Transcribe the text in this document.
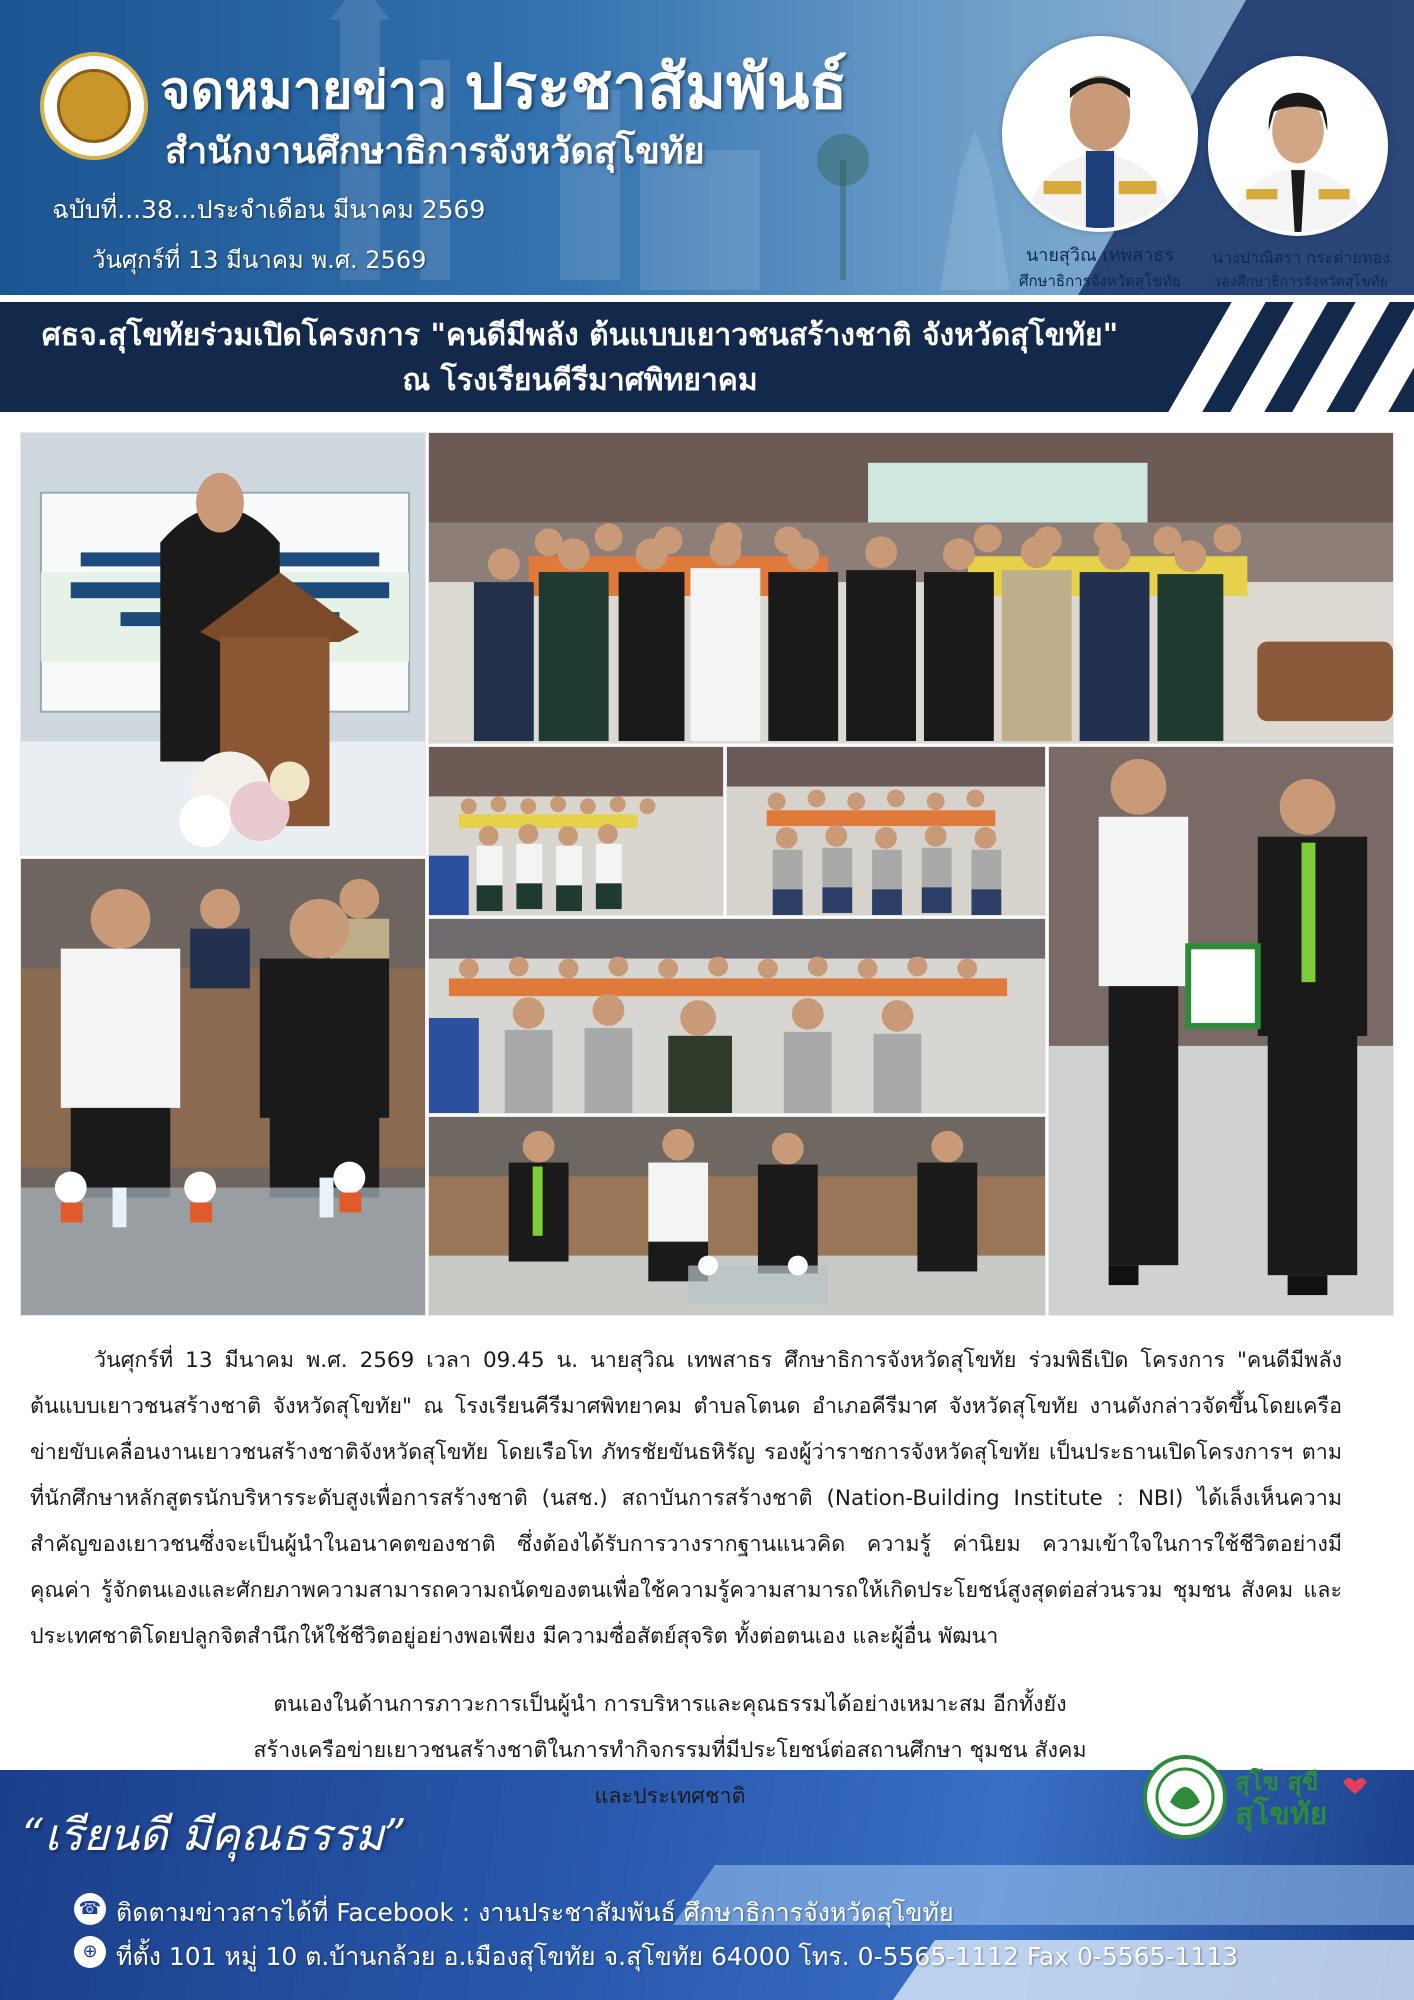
จดหมายข่าว ประชาสัมพันธ์
สำนักงานศึกษาธิการจังหวัดสุโขทัย
ฉบับที่...38...ประจำเดือน มีนาคม 2569
วันศุกร์ที่ 13 มีนาคม พ.ศ. 2569	นายสุวิณ เทพสาธร
ศึกษาธิการจังหวัดสุโขทัย
นางปาณิสรา กระต่ายทอง
รองศึกษาธิการจังหวัดสุโขทัย
ศธจ.สุโขทัยร่วมเปิดโครงการ "คนดีมีพลัง ต้นแบบเยาวชนสร้างชาติ จังหวัดสุโขทัย"
ณ โรงเรียนคีรีมาศพิทยาคม
วันศุกร์ที่ 13 มีนาคม พ.ศ. 2569 เวลา 09.45 น. นายสุวิณ เทพสาธร ศึกษาธิการจังหวัดสุโขทัย ร่วมพิธีเปิด โครงการ "คนดีมีพลัง ต้นแบบเยาวชนสร้างชาติ จังหวัดสุโขทัย" ณ โรงเรียนคีรีมาศพิทยาคม ตำบลโตนด อำเภอคีรีมาศ จังหวัดสุโขทัย งานดังกล่าวจัดขึ้นโดยเครือข่ายขับเคลื่อนงานเยาวชนสร้างชาติจังหวัดสุโขทัย โดยเรือโท ภัทรชัยขันธหิรัญ รองผู้ว่าราชการจังหวัดสุโขทัย เป็นประธานเปิดโครงการฯ ตามที่นักศึกษาหลักสูตรนักบริหารระดับสูงเพื่อการสร้างชาติ (นสช.) สถาบันการสร้างชาติ (Nation-Building Institute : NBI) ได้เล็งเห็นความสำคัญของเยาวชนซึ่งจะเป็นผู้นำในอนาคตของชาติ ซึ่งต้องได้รับการวางรากฐานแนวคิด ความรู้ ค่านิยม ความเข้าใจในการใช้ชีวิตอย่างมีคุณค่า รู้จักตนเองและศักยภาพความสามารถความถนัดของตนเพื่อใช้ความรู้ความสามารถให้เกิดประโยชน์สูงสุดต่อส่วนรวม ชุมชน สังคม และประเทศชาติโดยปลูกจิตสำนึกให้ใช้ชีวิตอยู่อย่างพอเพียง มีความซื่อสัตย์สุจริต ทั้งต่อตนเอง และผู้อื่น พัฒนา
ตนเองในด้านการภาวะการเป็นผู้นำ การบริหารและคุณธรรมได้อย่างเหมาะสม อีกทั้งยังสร้างเครือข่ายเยาวชนสร้างชาติในการทำกิจกรรมที่มีประโยชน์ต่อสถานศึกษา ชุมชน สังคม และประเทศชาติ
สุโข สุขี
สุโขทัย
“เรียนดี มีคุณธรรม”
☎ ติดตามข่าวสารได้ที่ Facebook : งานประชาสัมพันธ์ ศึกษาธิการจังหวัดสุโขทัย
⊕ ที่ตั้ง 101 หมู่ 10 ต.บ้านกล้วย อ.เมืองสุโขทัย จ.สุโขทัย 64000 โทร. 0-5565-1112 Fax 0-5565-1113
